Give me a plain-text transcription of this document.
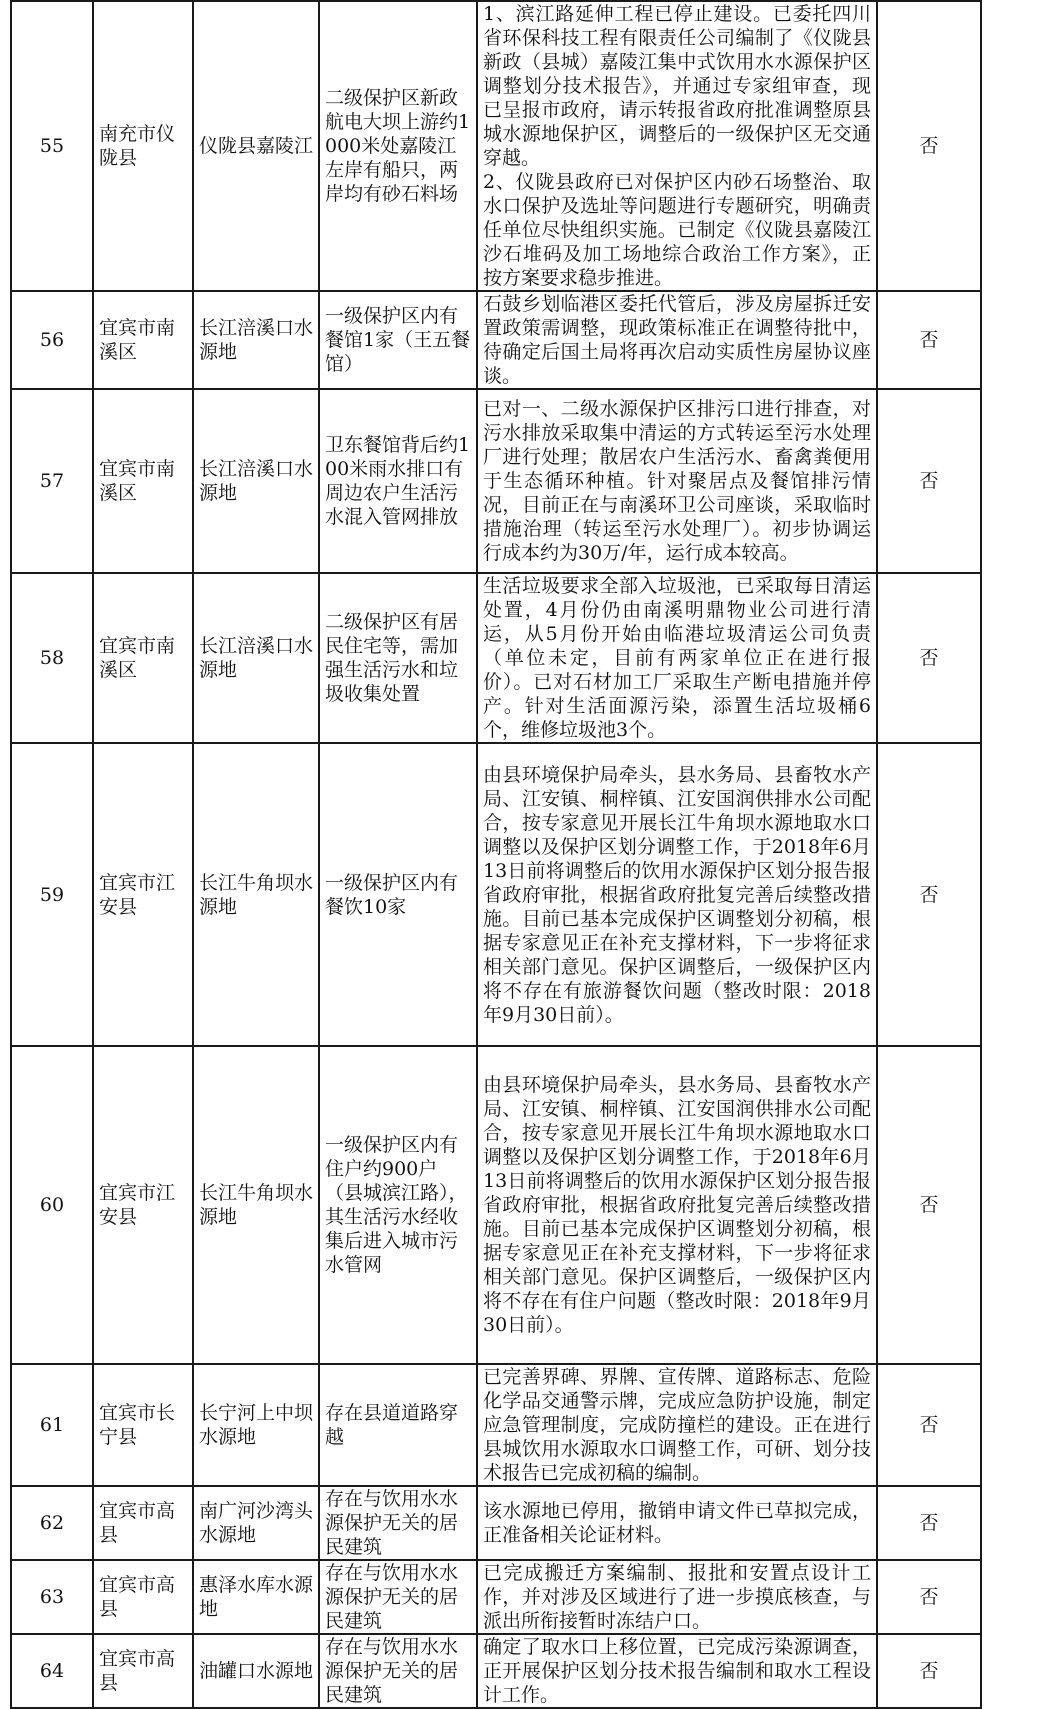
55	南充市仪陇县	仪陇县嘉陵江	二级保护区新政航电大坝上游约1000米处嘉陵江左岸有船只，两岸均有砂石料场	1、滨江路延伸工程已停止建设。已委托四川省环保科技工程有限责任公司编制了《仪陇县新政（县城）嘉陵江集中式饮用水水源保护区调整划分技术报告》，并通过专家组审查，现已呈报市政府，请示转报省政府批准调整原县城水源地保护区，调整后的一级保护区无交通穿越。
2、仪陇县政府已对保护区内砂石场整治、取水口保护及选址等问题进行专题研究，明确责任单位尽快组织实施。已制定《仪陇县嘉陵江沙石堆码及加工场地综合政治工作方案》，正按方案要求稳步推进。	否
56	宜宾市南溪区	长江涪溪口水源地	一级保护区内有餐馆1家（王五餐馆）	石鼓乡划临港区委托代管后，涉及房屋拆迁安置政策需调整，现政策标准正在调整待批中，待确定后国土局将再次启动实质性房屋协议座谈。	否
57	宜宾市南溪区	长江涪溪口水源地	卫东餐馆背后约100米雨水排口有周边农户生活污水混入管网排放	已对一、二级水源保护区排污口进行排查，对污水排放采取集中清运的方式转运至污水处理厂进行处理；散居农户生活污水、畜禽粪便用于生态循环种植。针对聚居点及餐馆排污情况，目前正在与南溪环卫公司座谈，采取临时措施治理（转运至污水处理厂）。初步协调运行成本约为30万/年，运行成本较高。	否
58	宜宾市南溪区	长江涪溪口水源地	二级保护区有居民住宅等，需加强生活污水和垃圾收集处置	生活垃圾要求全部入垃圾池，已采取每日清运处置，4月份仍由南溪明鼎物业公司进行清运，从5月份开始由临港垃圾清运公司负责（单位未定，目前有两家单位正在进行报价）。已对石材加工厂采取生产断电措施并停产。针对生活面源污染，添置生活垃圾桶6个，维修垃圾池3个。	否
59	宜宾市江安县	长江牛角坝水源地	一级保护区内有餐饮10家	由县环境保护局牵头，县水务局、县畜牧水产局、江安镇、桐梓镇、江安国润供排水公司配合，按专家意见开展长江牛角坝水源地取水口调整以及保护区划分调整工作，于2018年6月13日前将调整后的饮用水源保护区划分报告报省政府审批，根据省政府批复完善后续整改措施。目前已基本完成保护区调整划分初稿，根据专家意见正在补充支撑材料，下一步将征求相关部门意见。保护区调整后，一级保护区内将不存在有旅游餐饮问题（整改时限：2018年9月30日前）。	否
60	宜宾市江安县	长江牛角坝水源地	一级保护区内有住户约900户（县城滨江路），其生活污水经收集后进入城市污水管网	由县环境保护局牵头，县水务局、县畜牧水产局、江安镇、桐梓镇、江安国润供排水公司配合，按专家意见开展长江牛角坝水源地取水口调整以及保护区划分调整工作，于2018年6月13日前将调整后的饮用水源保护区划分报告报省政府审批，根据省政府批复完善后续整改措施。目前已基本完成保护区调整划分初稿，根据专家意见正在补充支撑材料，下一步将征求相关部门意见。保护区调整后，一级保护区内将不存在有住户问题（整改时限：2018年9月30日前）。	否
61	宜宾市长宁县	长宁河上中坝水源地	存在县道道路穿越	已完善界碑、界牌、宣传牌、道路标志、危险化学品交通警示牌，完成应急防护设施，制定应急管理制度，完成防撞栏的建设。正在进行县城饮用水源取水口调整工作，可研、划分技术报告已完成初稿的编制。	否
62	宜宾市高县	南广河沙湾头水源地	存在与饮用水水源保护无关的居民建筑	该水源地已停用，撤销申请文件已草拟完成，正准备相关论证材料。	否
63	宜宾市高县	惠泽水库水源地	存在与饮用水水源保护无关的居民建筑	已完成搬迁方案编制、报批和安置点设计工作，并对涉及区域进行了进一步摸底核查，与派出所衔接暂时冻结户口。	否
64	宜宾市高县	油罐口水源地	存在与饮用水水源保护无关的居民建筑	确定了取水口上移位置，已完成污染源调查，正开展保护区划分技术报告编制和取水工程设计工作。	否
